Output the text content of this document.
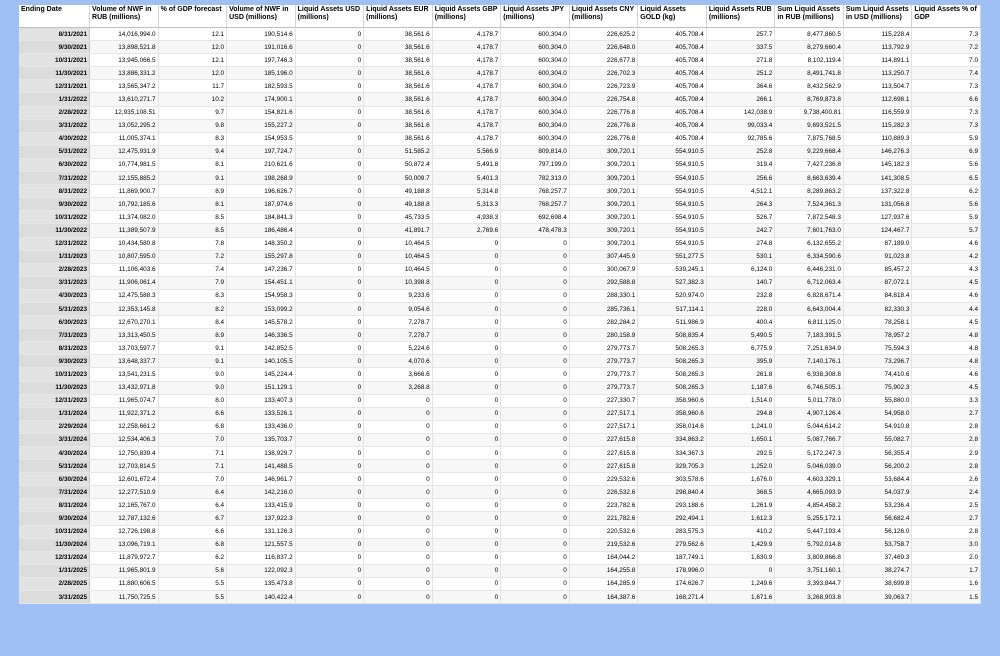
Ending Date	Volume of NWF in RUB (millions)	% of GDP forecast	Volume of NWF in USD (millions)	Liquid Assets USD (millions)	Liquid Assets EUR (millions)	Liquid Assets GBP (millions)	Liquid Assets JPY (millions)	Liquid Assets CNY (millions)	Liquid Assets GOLD (kg)	Liquid Assets RUB (millions)	Sum Liquid Assets in RUB (millions)	Sum Liquid Assets in USD (millions)	Liquid Assets % of GDP
8/31/2021	14,016,994.0	12.1	190,514.6	0	38,561.6	4,178.7	600,304.0	226,625.2	405,708.4	257.7	8,477,860.5	115,228.4	7.3
9/30/2021	13,898,521.8	12.0	191,016.6	0	38,561.6	4,178.7	600,304.0	226,648.0	405,708.4	337.5	8,279,660.4	113,792.9	7.2
10/31/2021	13,945,066.5	12.1	197,746.3	0	38,561.6	4,178.7	600,304.0	226,677.8	405,708.4	271.8	8,102,119.4	114,891.1	7.0
11/30/2021	13,886,331.2	12.0	185,196.0	0	38,561.6	4,178.7	600,304.0	226,702.3	405,708.4	251.2	8,491,741.8	113,250.7	7.4
12/31/2021	13,565,347.2	11.7	182,593.5	0	38,561.6	4,178.7	600,304.0	226,723.9	405,708.4	364.6	8,432,562.9	113,504.7	7.3
1/31/2022	13,610,271.7	10.2	174,900.1	0	38,561.6	4,178.7	600,304.0	226,754.8	405,708.4	266.1	8,769,873.8	112,698.1	6.6
2/28/2022	12,935,108.51	9.7	154,821.6	0	38,561.6	4,178.7	600,304.0	226,776.8	405,708.4	142,038.9	9,738,400.81	116,559.9	7.3
3/31/2022	13,052,295.2	9.8	155,227.2	0	38,561.6	4,178.7	600,304.0	226,776.8	405,708.4	99,033.4	9,693,521.5	115,282.3	7.3
4/30/2022	11,005,374.1	8.3	154,953.5	0	38,561.6	4,178.7	600,304.0	226,776.8	405,708.4	92,785.6	7,875,768.5	110,889.3	5.9
5/31/2022	12,475,931.9	9.4	197,724.7	0	51,585.2	5,566.9	809,814.0	309,720.1	554,910.5	252.8	9,229,668.4	146,276.3	6.9
6/30/2022	10,774,981.5	8.1	210,621.6	0	50,872.4	5,491.8	797,199.0	309,720.1	554,910.5	319.4	7,427,236.8	145,182.3	5.6
7/31/2022	12,155,885.2	9.1	198,268.9	0	50,009.7	5,401.3	782,313.0	309,720.1	554,910.5	256.6	8,663,639.4	141,308.5	6.5
8/31/2022	11,869,900.7	8.9	196,626.7	0	49,188.8	5,314.8	768,257.7	309,720.1	554,910.5	4,512.1	8,289,863.2	137,322.8	6.2
9/30/2022	10,792,185.6	8.1	187,974.6	0	49,188.8	5,313.3	768,257.7	309,720.1	554,910.5	264.3	7,524,361.3	131,056.8	5.6
10/31/2022	11,374,082.0	8.5	184,841.3	0	45,733.5	4,938.3	692,698.4	309,720.1	554,910.5	526.7	7,872,548.3	127,937.6	5.9
11/30/2022	11,389,507.9	8.5	186,486.4	0	41,891.7	2,769.6	478,478.3	309,720.1	554,910.5	242.7	7,601,763.0	124,467.7	5.7
12/31/2022	10,434,580.8	7.8	148,350.2	0	10,464.5	0	0	309,720.1	554,910.5	274.8	6,132,655.2	87,189.0	4.6
1/31/2023	10,807,595.0	7.2	155,297.8	0	10,464.5	0	0	307,445.9	551,277.5	530.1	6,334,590.6	91,023.8	4.2
2/28/2023	11,106,403.6	7.4	147,236.7	0	10,464.5	0	0	300,067.9	539,245.1	6,124.0	6,446,231.0	85,457.2	4.3
3/31/2023	11,906,061.4	7.9	154,451.1	0	10,398.8	0	0	292,588.8	527,382.3	140.7	6,712,063.4	87,072.1	4.5
4/30/2023	12,475,588.3	8.3	154,958.3	0	9,233.6	0	0	288,330.1	520,974.0	232.8	6,828,671.4	84,818.4	4.6
5/31/2023	12,353,145.8	8.2	153,099.2	0	9,054.6	0	0	285,736.1	517,114.1	228.0	6,643,004.4	82,330.3	4.4
6/30/2023	12,670,270.1	8.4	145,578.2	0	7,278.7	0	0	282,284.2	511,986.9	400.4	6,811,125.0	78,258.1	4.5
7/31/2023	13,313,450.5	8.9	146,336.5	0	7,278.7	0	0	280,158.9	508,835.4	5,490.5	7,183,391.5	78,957.2	4.8
8/31/2023	13,703,597.7	9.1	142,852.5	0	5,224.6	0	0	279,773.7	508,265.3	6,775.9	7,251,634.9	75,594.3	4.8
9/30/2023	13,648,337.7	9.1	140,105.5	0	4,070.6	0	0	279,773.7	508,265.3	395.9	7,140,176.1	73,296.7	4.8
10/31/2023	13,541,231.5	9.0	145,224.4	0	3,666.6	0	0	279,773.7	508,265.3	261.8	6,938,308.8	74,410.6	4.6
11/30/2023	13,432,971.8	9.0	151,129.1	0	3,268.8	0	0	279,773.7	508,265.3	1,187.6	6,746,505.1	75,902.3	4.5
12/31/2023	11,965,074.7	8.0	133,407.3	0	0	0	0	227,330.7	358,960.6	1,514.0	5,011,778.0	55,880.0	3.3
1/31/2024	11,922,371.2	6.6	133,526.1	0	0	0	0	227,517.1	358,960.6	294.8	4,907,126.4	54,958.0	2.7
2/29/2024	12,258,661.2	6.8	133,436.0	0	0	0	0	227,517.1	358,014.6	1,241.0	5,044,614.2	54,910.8	2.8
3/31/2024	12,534,406.3	7.0	135,703.7	0	0	0	0	227,615.8	334,863.2	1,650.1	5,087,766.7	55,082.7	2.8
4/30/2024	12,750,839.4	7.1	138,929.7	0	0	0	0	227,615.8	334,367.3	292.5	5,172,247.3	56,355.4	2.9
5/31/2024	12,703,814.5	7.1	141,488.5	0	0	0	0	227,615.8	329,705.3	1,252.0	5,046,039.0	56,200.2	2.8
6/30/2024	12,601,672.4	7.0	146,961.7	0	0	0	0	229,532.6	303,578.6	1,676.0	4,603,329.1	53,684.4	2.6
7/31/2024	12,277,510.9	6.4	142,216.0	0	0	0	0	226,532.6	298,840.4	368.5	4,665,093.9	54,037.9	2.4
8/31/2024	12,165,767.0	6.4	133,415.9	0	0	0	0	223,782.6	293,188.6	1,261.9	4,854,458.2	53,236.4	2.5
9/30/2024	12,787,132.6	6.7	137,922.3	0	0	0	0	221,782.6	292,494.1	1,612.3	5,255,172.1	56,682.4	2.7
10/31/2024	12,726,198.8	6.6	131,126.3	0	0	0	0	220,532.6	283,575.3	410.2	5,447,193.4	56,126.0	2.8
11/30/2024	13,096,719.1	6.8	121,557.5	0	0	0	0	219,532.6	279,562.6	1,429.9	5,792,014.8	53,758.7	3.0
12/31/2024	11,879,972.7	6.2	116,837.2	0	0	0	0	164,044.2	187,749.1	1,630.9	3,809,866.8	37,469.3	2.0
1/31/2025	11,965,801.9	5.6	122,092.3	0	0	0	0	164,255.8	178,996.0	0	3,751,160.1	38,274.7	1.7
2/28/2025	11,880,606.5	5.5	135,473.8	0	0	0	0	164,285.9	174,626.7	1,249.6	3,393,844.7	38,699.8	1.6
3/31/2025	11,750,725.5	5.5	140,422.4	0	0	0	0	164,387.6	168,271.4	1,671.6	3,268,903.8	39,063.7	1.5
